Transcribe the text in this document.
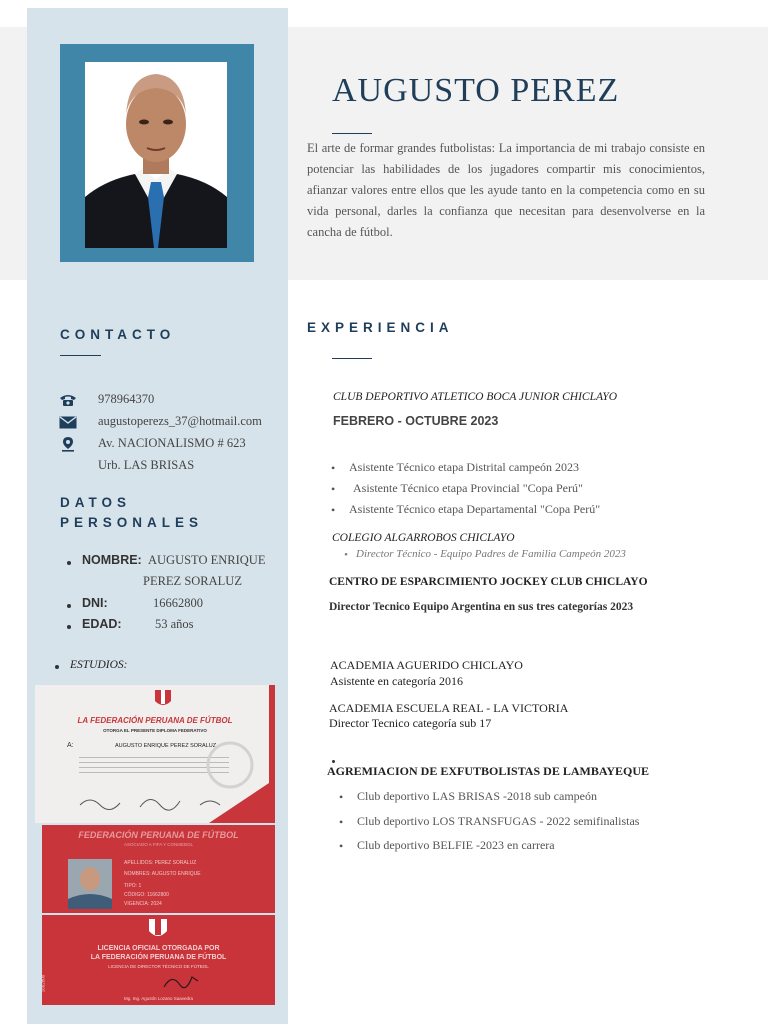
AUGUSTO PEREZ

El arte de formar grandes futbolistas: La importancia de mi trabajo consiste en potenciar las habilidades de los jugadores compartir mis conocimientos, afianzar valores entre ellos que les ayude tanto en la competencia como en su vida personal, darles la confianza que necesitan para desenvolverse en la cancha de fútbol.

CONTACTO
978964370
augustoperezs_37@hotmail.com
Av. NACIONALISMO # 623
Urb. LAS BRISAS
DATOS
PERSONALES
NOMBRE: AUGUSTO ENRIQUE
PEREZ SORALUZ
DNI:	16662800
EDAD:	53 años
ESTUDIOS:
LA FEDERACIÓN PERUANA DE FÚTBOL
OTORGA EL PRESENTE DIPLOMA FEDERATIVO
A:	AUGUSTO ENRIQUE PEREZ SORALUZ
FEDERACIÓN PERUANA DE FÚTBOL
ASOCIADO A FIFA Y CONMEBOL
APELLIDOS: PEREZ SORALUZ
NOMBRES: AUGUSTO ENRIQUE
TIPO: 1
CÓDIGO: 11662800
VIGENCIA: 2024
LICENCIA OFICIAL OTORGADA POR
LA FEDERACIÓN PERUANA DE FÚTBOL
LICENCIA DE DIRECTOR TÉCNICO DE FÚTBOL
Mg. Ing. Agustín Lozano Saavedra
1662800
EXPERIENCIA
CLUB DEPORTIVO ATLETICO BOCA JUNIOR CHICLAYO
FEBRERO - OCTUBRE 2023
• Asistente Técnico etapa Distrital campeón 2023
• Asistente Técnico etapa Provincial "Copa Perú"
• Asistente Técnico etapa Departamental "Copa Perú"
COLEGIO ALGARROBOS CHICLAYO
• Director Técnico - Equipo Padres de Familia Campeón 2023
CENTRO DE ESPARCIMIENTO JOCKEY CLUB CHICLAYO
Director Tecnico Equipo Argentina en sus tres categorías 2023
ACADEMIA AGUERIDO CHICLAYO
Asistente en categoría 2016
ACADEMIA ESCUELA REAL - LA VICTORIA
Director Tecnico categoría sub 17
AGREMIACION DE EXFUTBOLISTAS DE LAMBAYEQUE
• Club deportivo LAS BRISAS -2018 sub campeón
• Club deportivo LOS TRANSFUGAS - 2022 semifinalistas
• Club deportivo BELFIE -2023 en carrera
